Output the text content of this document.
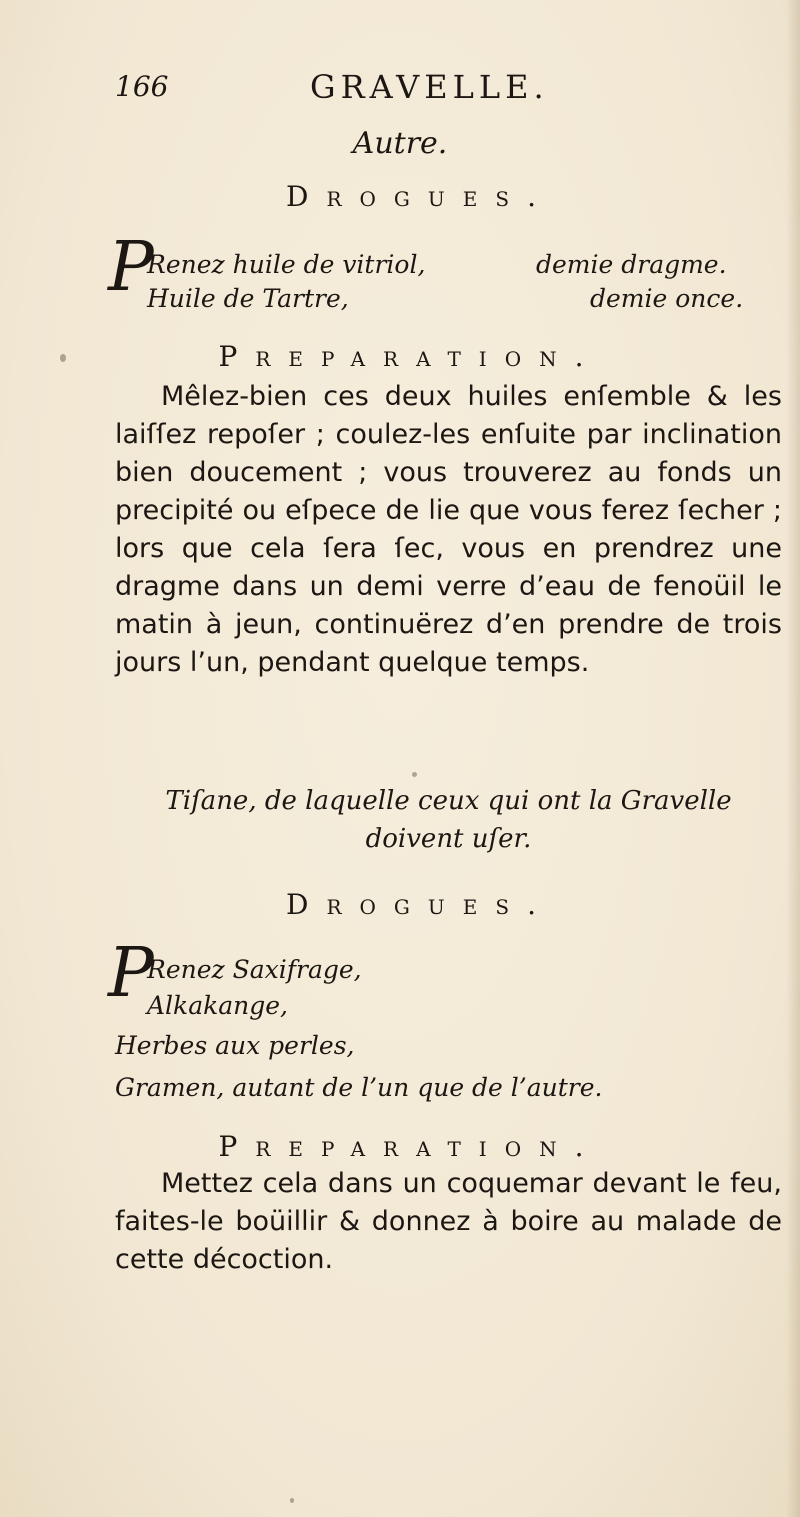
166	GRAVELLE.
Autre.
Drogues.
P
Renez huile de vitriol,	demie dragme.
Huile de Tartre,	demie once.
Preparation.

Mêlez-bien ces deux huiles enſemble & les laiſſez repoſer ; coulez-les enſuite par inclination bien doucement ; vous trouverez au fonds un precipité ou eſpece de lie que vous ferez ſecher ; lors que cela ſera ſec, vous en prendrez une dragme dans un demi verre d’eau de fenoüil le matin à jeun, continuërez d’en prendre de trois jours l’un, pendant quelque temps.

Tiſane, de laquelle ceux qui ont la Gravelle doivent uſer.

Drogues.
P
Renez Saxifrage,
Alkakange,
Herbes aux perles,
Gramen, autant de l’un que de l’autre.
Preparation.

Mettez cela dans un coquemar devant le feu, faites-le boüillir & donnez à boire au malade de cette décoction.
